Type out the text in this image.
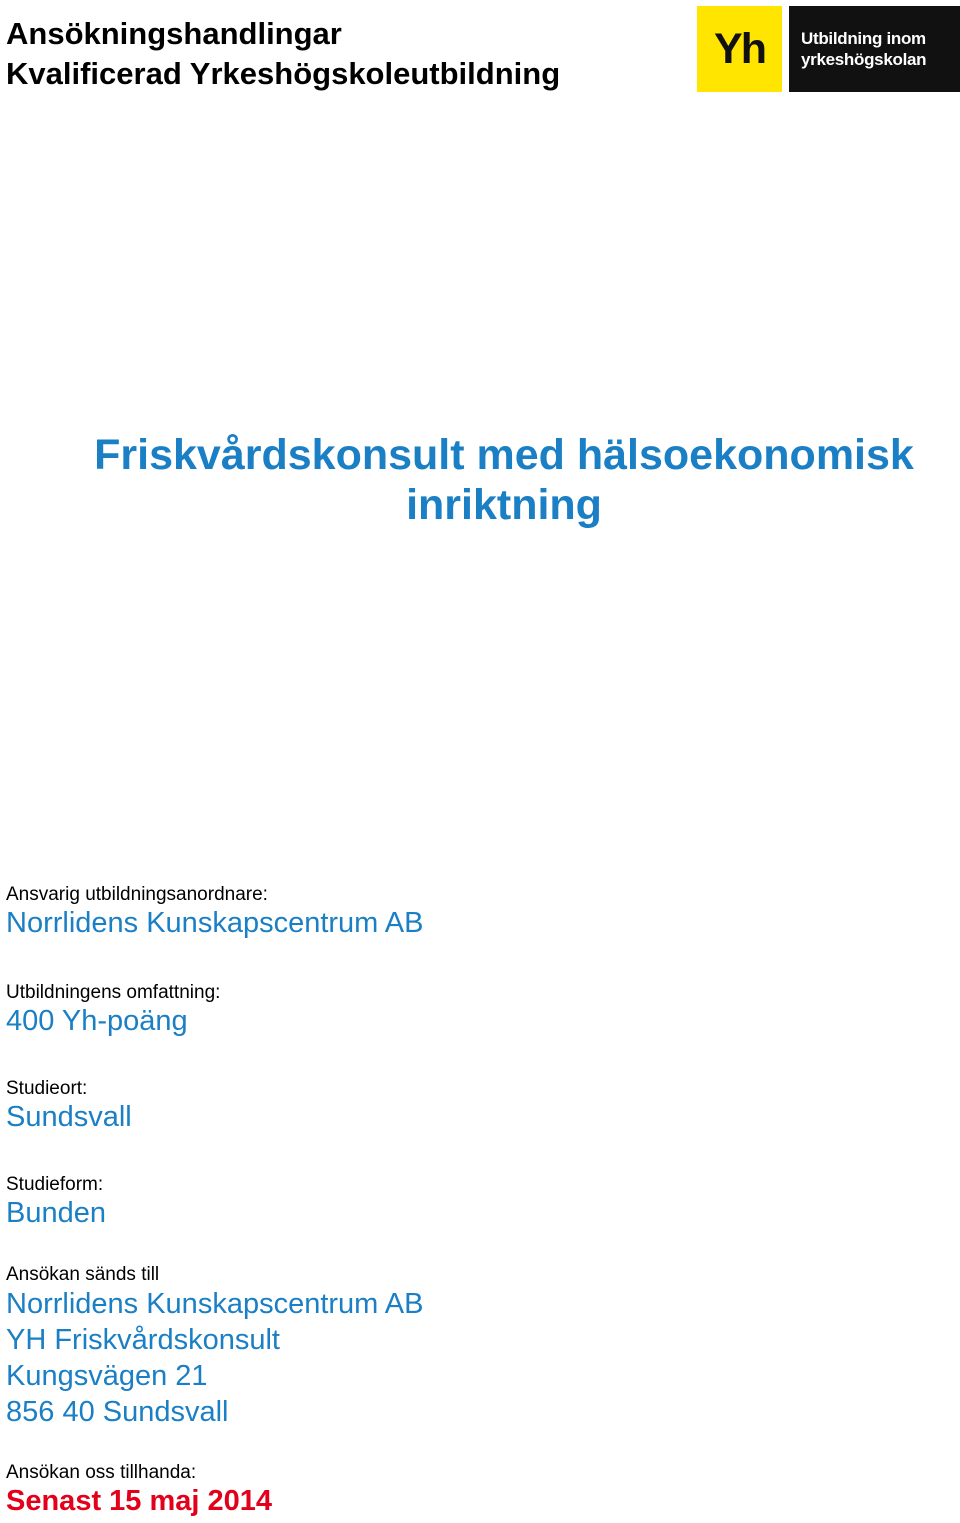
Ansökningshandlingar
Kvalificerad Yrkeshögskoleutbildning
Yh	Utbildning inom
yrkeshögskolan
Friskvårdskonsult med hälsoekonomisk
inriktning
Ansvarig utbildningsanordnare:
Norrlidens Kunskapscentrum AB
Utbildningens omfattning:
400 Yh-poäng
Studieort:
Sundsvall
Studieform:
Bunden
Ansökan sänds till
Norrlidens Kunskapscentrum AB
YH Friskvårdskonsult
Kungsvägen 21
856 40 Sundsvall
Ansökan oss tillhanda:
Senast 15 maj 2014
